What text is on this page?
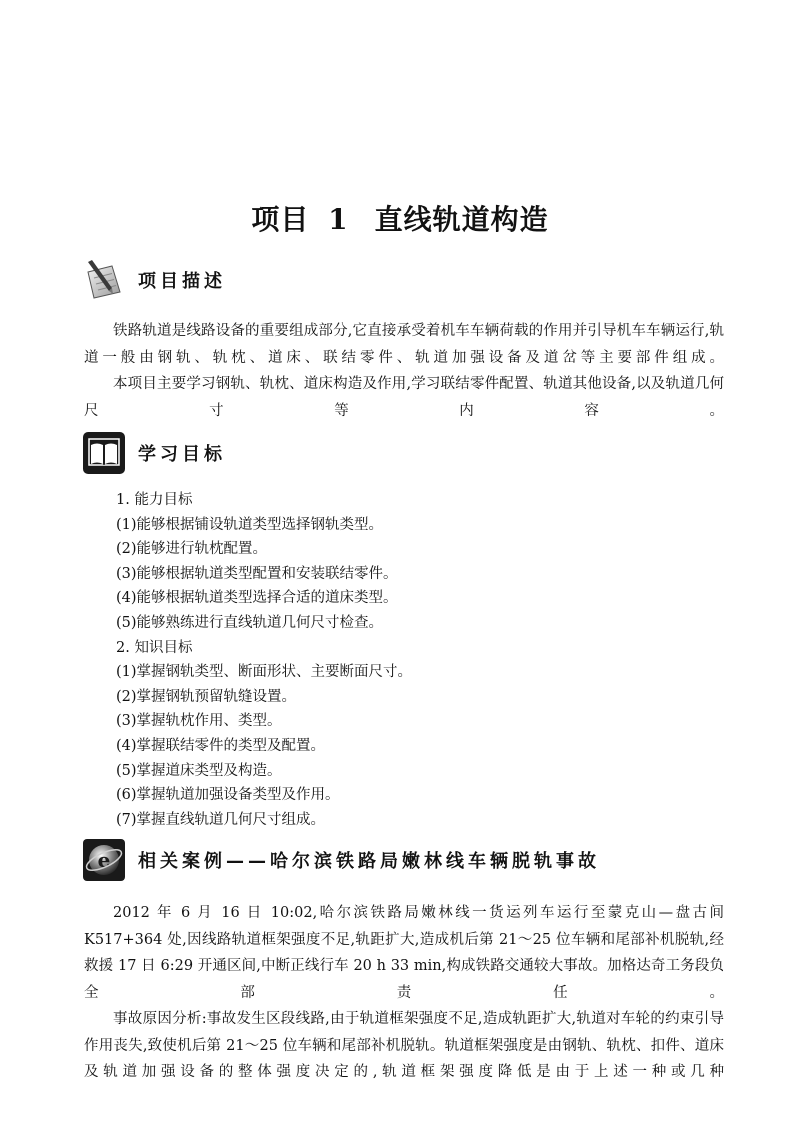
项目 1 直线轨道构造
项目描述

铁路轨道是线路设备的重要组成部分,它直接承受着机车车辆荷载的作用并引导机车车辆运行,轨道一般由钢轨、轨枕、道床、联结零件、轨道加强设备及道岔等主要部件组成。

本项目主要学习钢轨、轨枕、道床构造及作用,学习联结零件配置、轨道其他设备,以及轨道几何尺寸等内容。

学习目标
1. 能力目标
(1)能够根据铺设轨道类型选择钢轨类型。
(2)能够进行轨枕配置。
(3)能够根据轨道类型配置和安装联结零件。
(4)能够根据轨道类型选择合适的道床类型。
(5)能够熟练进行直线轨道几何尺寸检查。
2. 知识目标
(1)掌握钢轨类型、断面形状、主要断面尺寸。
(2)掌握钢轨预留轨缝设置。
(3)掌握轨枕作用、类型。
(4)掌握联结零件的类型及配置。
(5)掌握道床类型及构造。
(6)掌握轨道加强设备类型及作用。
(7)掌握直线轨道几何尺寸组成。
e 相关案例——哈尔滨铁路局嫩林线车辆脱轨事故

2012 年 6 月 16 日 10:02,哈尔滨铁路局嫩林线一货运列车运行至蒙克山—盘古间 K517+364 处,因线路轨道框架强度不足,轨距扩大,造成机后第 21～25 位车辆和尾部补机脱轨,经救援 17 日 6:29 开通区间,中断正线行车 20 h 33 min,构成铁路交通较大事故。加格达奇工务段负全部责任。

事故原因分析:事故发生区段线路,由于轨道框架强度不足,造成轨距扩大,轨道对车轮的约束引导作用丧失,致使机后第 21～25 位车辆和尾部补机脱轨。轨道框架强度是由钢轨、轨枕、扣件、道床及轨道加强设备的整体强度决定的,轨道框架强度降低是由于上述一种或几种
